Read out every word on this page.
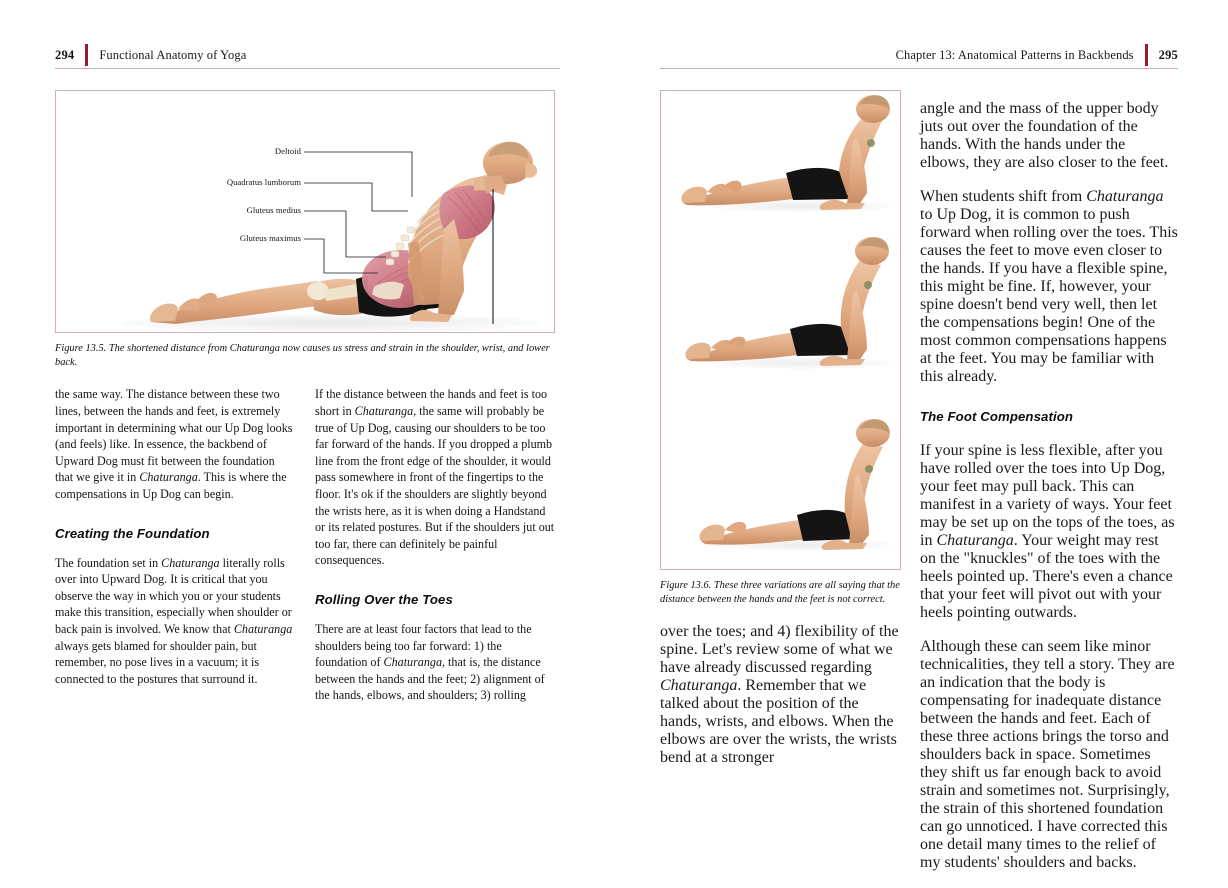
294 Functional Anatomy of Yoga
Deltoid
Quadratus lumborum
Gluteus medius
Gluteus maximus
Figure 13.5. The shortened distance from Chaturanga now causes us stress and strain in the shoulder, wrist, and lower back.

the same way. The distance between these two lines, between the hands and feet, is extremely important in determining what our Up Dog looks (and feels) like. In essence, the backbend of Upward Dog must fit between the foundation that we give it in Chaturanga. This is where the compensations in Up Dog can begin.

Creating the Foundation

The foundation set in Chaturanga literally rolls over into Upward Dog. It is critical that you observe the way in which you or your students make this transition, especially when shoulder or back pain is involved. We know that Chaturanga always gets blamed for shoulder pain, but remember, no pose lives in a vacuum; it is connected to the postures that surround it.

If the distance between the hands and feet is too short in Chaturanga, the same will probably be true of Up Dog, causing our shoulders to be too far forward of the hands. If you dropped a plumb line from the front edge of the shoulder, it would pass somewhere in front of the fingertips to the floor. It's ok if the shoulders are slightly beyond the wrists here, as it is when doing a Handstand or its related postures. But if the shoulders jut out too far, there can definitely be painful consequences.

Rolling Over the Toes

There are at least four factors that lead to the shoulders being too far forward: 1) the foundation of Chaturanga, that is, the distance between the hands and the feet; 2) alignment of the hands, elbows, and shoulders; 3) rolling

Chapter 13: Anatomical Patterns in Backbends 295
Figure 13.6. These three variations are all saying that the distance between the hands and the feet is not correct.

over the toes; and 4) flexibility of the spine. Let's review some of what we have already discussed regarding Chaturanga. Remember that we talked about the position of the hands, wrists, and elbows. When the elbows are over the wrists, the wrists bend at a stronger

angle and the mass of the upper body juts out over the foundation of the hands. With the hands under the elbows, they are also closer to the feet.

When students shift from Chaturanga to Up Dog, it is common to push forward when rolling over the toes. This causes the feet to move even closer to the hands. If you have a flexible spine, this might be fine. If, however, your spine doesn't bend very well, then let the compensations begin! One of the most common compensations happens at the feet. You may be familiar with this already.

The Foot Compensation

If your spine is less flexible, after you have rolled over the toes into Up Dog, your feet may pull back. This can manifest in a variety of ways. Your feet may be set up on the tops of the toes, as in Chaturanga. Your weight may rest on the "knuckles" of the toes with the heels pointed up. There's even a chance that your feet will pivot out with your heels pointing outwards.

Although these can seem like minor technicalities, they tell a story. They are an indication that the body is compensating for inadequate distance between the hands and feet. Each of these three actions brings the torso and shoulders back in space. Sometimes they shift us far enough back to avoid strain and sometimes not. Surprisingly, the strain of this shortened foundation can go unnoticed. I have corrected this one detail many times to the relief of my students' shoulders and backs.
